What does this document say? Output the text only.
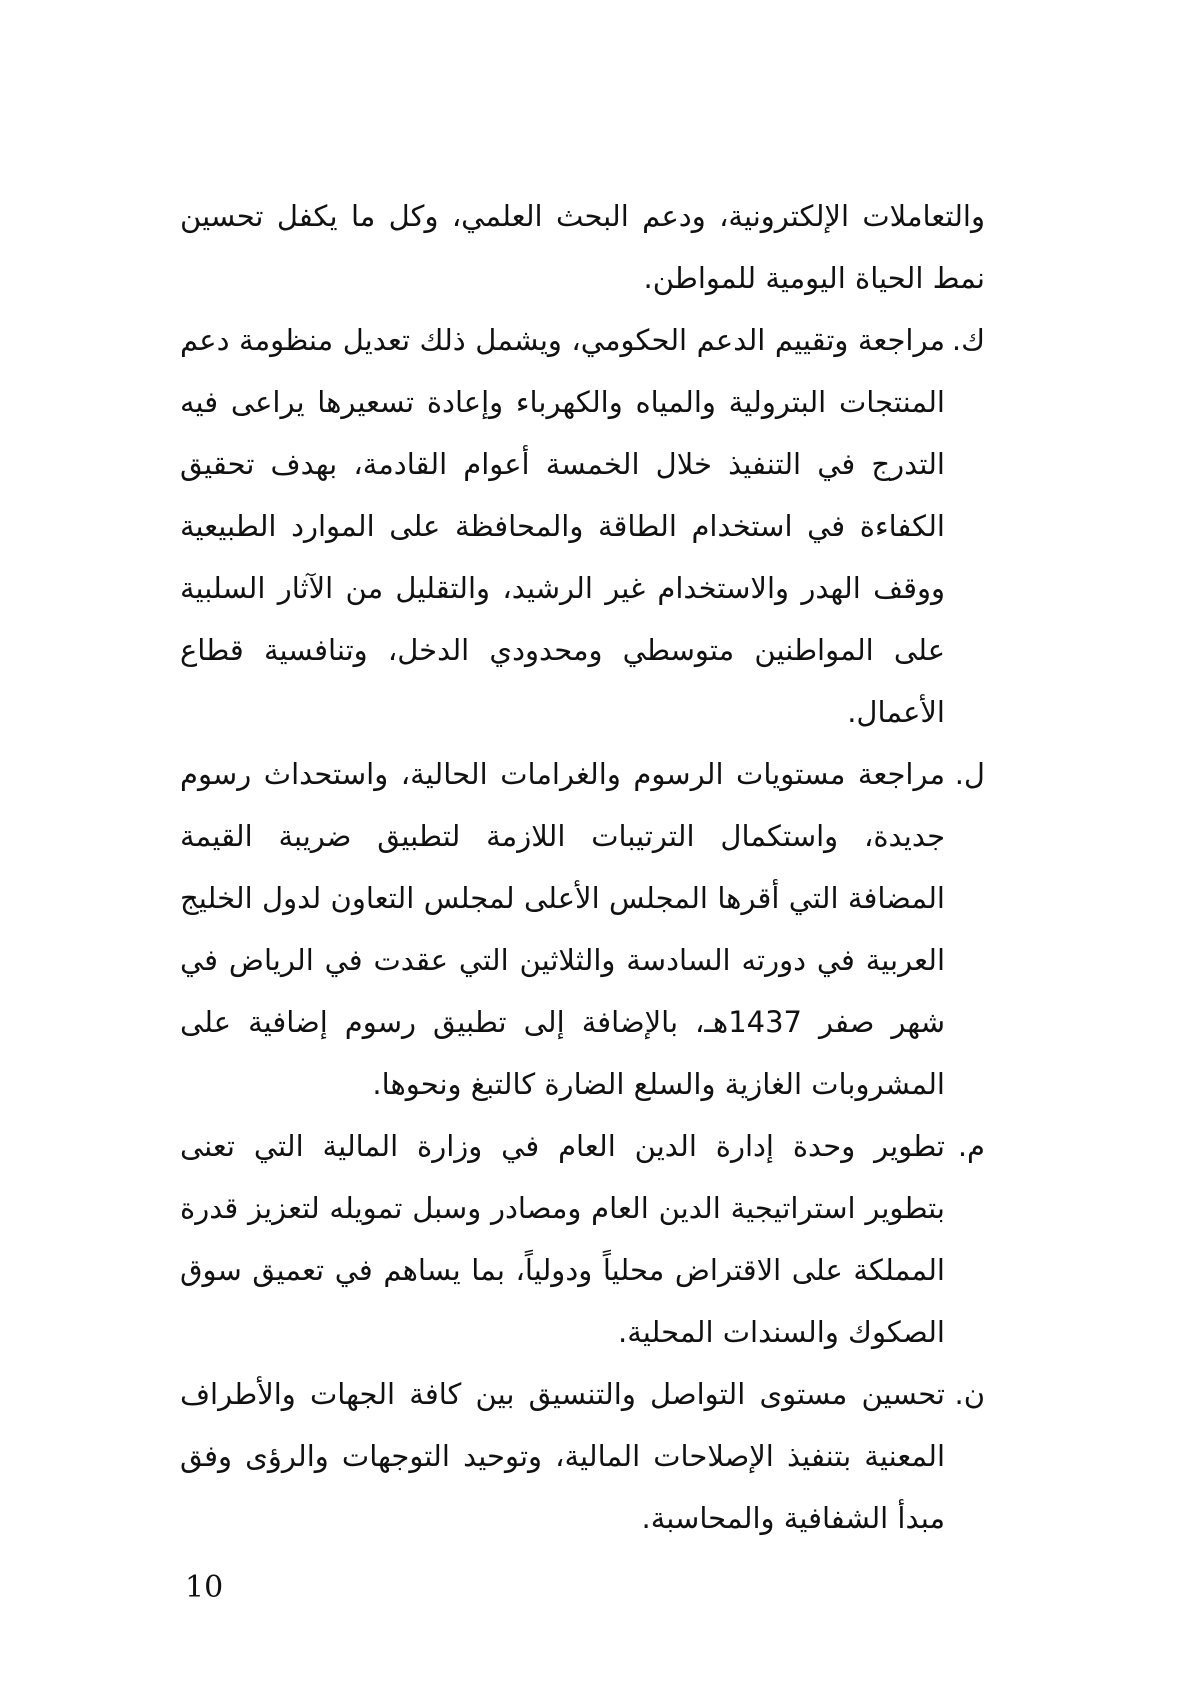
والتعاملات الإلكترونية، ودعم البحث العلمي، وكل ما يكفل تحسين نمط الحياة اليومية للمواطن.

ك.
مراجعة وتقييم الدعم الحكومي، ويشمل ذلك تعديل منظومة دعم المنتجات البترولية والمياه والكهرباء وإعادة تسعيرها يراعى فيه التدرج في التنفيذ خلال الخمسة أعوام القادمة، بهدف تحقيق الكفاءة في استخدام الطاقة والمحافظة على الموارد الطبيعية ووقف الهدر والاستخدام غير الرشيد، والتقليل من الآثار السلبية على المواطنين متوسطي ومحدودي الدخل، وتنافسية قطاع الأعمال.
ل.
مراجعة مستويات الرسوم والغرامات الحالية، واستحداث رسوم جديدة، واستكمال الترتيبات اللازمة لتطبيق ضريبة القيمة المضافة التي أقرها المجلس الأعلى لمجلس التعاون لدول الخليج العربية في دورته السادسة والثلاثين التي عقدت في الرياض في شهر صفر 1437هـ، بالإضافة إلى تطبيق رسوم إضافية على المشروبات الغازية والسلع الضارة كالتبغ ونحوها.
م.
تطوير وحدة إدارة الدين العام في وزارة المالية التي تعنى بتطوير استراتيجية الدين العام ومصادر وسبل تمويله لتعزيز قدرة المملكة على الاقتراض محلياً ودولياً، بما يساهم في تعميق سوق الصكوك والسندات المحلية.
ن.
تحسين مستوى التواصل والتنسيق بين كافة الجهات والأطراف المعنية بتنفيذ الإصلاحات المالية، وتوحيد التوجهات والرؤى وفق مبدأ الشفافية والمحاسبة.
10
